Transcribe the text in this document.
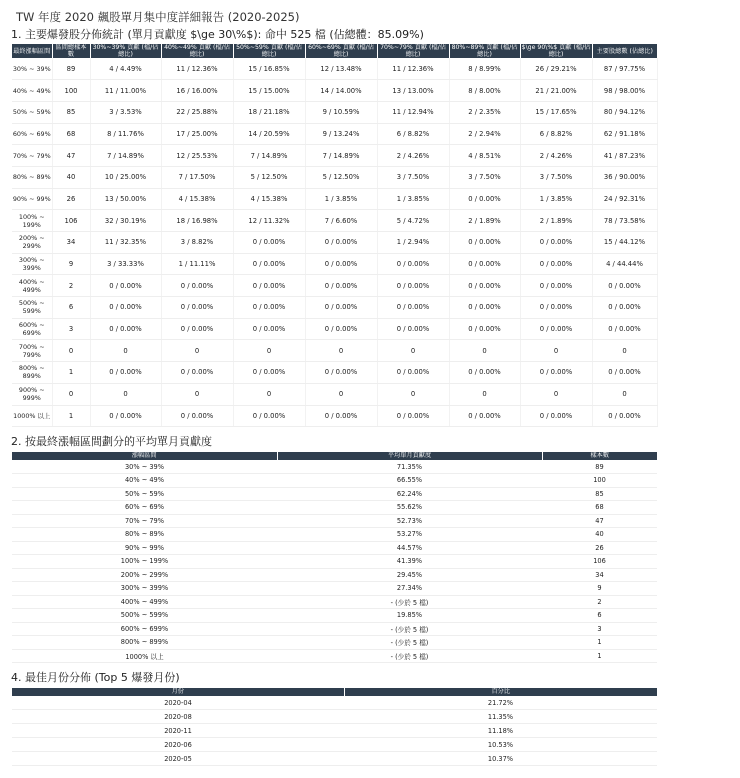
TW 年度 2020 飆股單月集中度詳細報告 (2020-2025)
1. 主要爆發股分佈統計 (單月貢獻度 $\ge 30\%$): 命中 525 檔 (佔總體：85.09%)
最終漲幅區間	區間總樣本數	30%~39% 貢獻 (檔/佔總比)	40%~49% 貢獻 (檔/佔總比)	50%~59% 貢獻 (檔/佔總比)	60%~69% 貢獻 (檔/佔總比)	70%~79% 貢獻 (檔/佔總比)	80%~89% 貢獻 (檔/佔總比)	$\ge 90\%$ 貢獻 (檔/佔總比)	主要股總數 (佔總比)
30% ~ 39%	89	4 / 4.49%	11 / 12.36%	15 / 16.85%	12 / 13.48%	11 / 12.36%	8 / 8.99%	26 / 29.21%	87 / 97.75%
40% ~ 49%	100	11 / 11.00%	16 / 16.00%	15 / 15.00%	14 / 14.00%	13 / 13.00%	8 / 8.00%	21 / 21.00%	98 / 98.00%
50% ~ 59%	85	3 / 3.53%	22 / 25.88%	18 / 21.18%	9 / 10.59%	11 / 12.94%	2 / 2.35%	15 / 17.65%	80 / 94.12%
60% ~ 69%	68	8 / 11.76%	17 / 25.00%	14 / 20.59%	9 / 13.24%	6 / 8.82%	2 / 2.94%	6 / 8.82%	62 / 91.18%
70% ~ 79%	47	7 / 14.89%	12 / 25.53%	7 / 14.89%	7 / 14.89%	2 / 4.26%	4 / 8.51%	2 / 4.26%	41 / 87.23%
80% ~ 89%	40	10 / 25.00%	7 / 17.50%	5 / 12.50%	5 / 12.50%	3 / 7.50%	3 / 7.50%	3 / 7.50%	36 / 90.00%
90% ~ 99%	26	13 / 50.00%	4 / 15.38%	4 / 15.38%	1 / 3.85%	1 / 3.85%	0 / 0.00%	1 / 3.85%	24 / 92.31%
100% ~ 199%	106	32 / 30.19%	18 / 16.98%	12 / 11.32%	7 / 6.60%	5 / 4.72%	2 / 1.89%	2 / 1.89%	78 / 73.58%
200% ~ 299%	34	11 / 32.35%	3 / 8.82%	0 / 0.00%	0 / 0.00%	1 / 2.94%	0 / 0.00%	0 / 0.00%	15 / 44.12%
300% ~ 399%	9	3 / 33.33%	1 / 11.11%	0 / 0.00%	0 / 0.00%	0 / 0.00%	0 / 0.00%	0 / 0.00%	4 / 44.44%
400% ~ 499%	2	0 / 0.00%	0 / 0.00%	0 / 0.00%	0 / 0.00%	0 / 0.00%	0 / 0.00%	0 / 0.00%	0 / 0.00%
500% ~ 599%	6	0 / 0.00%	0 / 0.00%	0 / 0.00%	0 / 0.00%	0 / 0.00%	0 / 0.00%	0 / 0.00%	0 / 0.00%
600% ~ 699%	3	0 / 0.00%	0 / 0.00%	0 / 0.00%	0 / 0.00%	0 / 0.00%	0 / 0.00%	0 / 0.00%	0 / 0.00%
700% ~ 799%	0	0	0	0	0	0	0	0	0
800% ~ 899%	1	0 / 0.00%	0 / 0.00%	0 / 0.00%	0 / 0.00%	0 / 0.00%	0 / 0.00%	0 / 0.00%	0 / 0.00%
900% ~ 999%	0	0	0	0	0	0	0	0	0
1000% 以上	1	0 / 0.00%	0 / 0.00%	0 / 0.00%	0 / 0.00%	0 / 0.00%	0 / 0.00%	0 / 0.00%	0 / 0.00%
2. 按最終漲幅區間劃分的平均單月貢獻度
漲幅區間	平均單月貢獻度	樣本數
30% ~ 39%	71.35%	89
40% ~ 49%	66.55%	100
50% ~ 59%	62.24%	85
60% ~ 69%	55.62%	68
70% ~ 79%	52.73%	47
80% ~ 89%	53.27%	40
90% ~ 99%	44.57%	26
100% ~ 199%	41.39%	106
200% ~ 299%	29.45%	34
300% ~ 399%	27.34%	9
400% ~ 499%	- (少於 5 檔)	2
500% ~ 599%	19.85%	6
600% ~ 699%	- (少於 5 檔)	3
800% ~ 899%	- (少於 5 檔)	1
1000% 以上	- (少於 5 檔)	1
4. 最佳月份分佈 (Top 5 爆發月份)
月份	百分比
2020-04	21.72%
2020-08	11.35%
2020-11	11.18%
2020-06	10.53%
2020-05	10.37%
